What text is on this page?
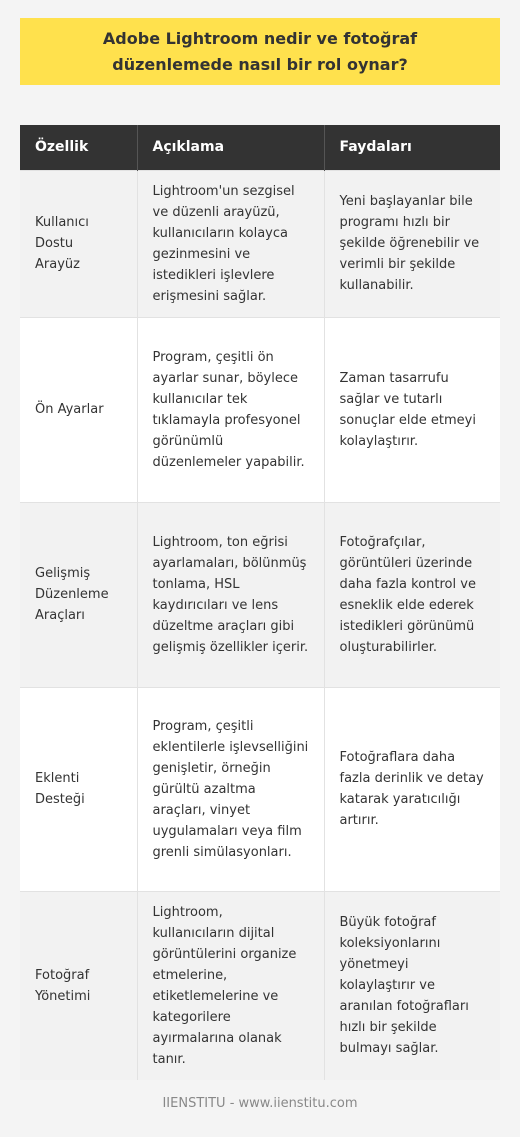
Adobe Lightroom nedir ve fotoğraf düzenlemede nasıl bir rol oynar?
Özellik	Açıklama	Faydaları
Kullanıcı Dostu Arayüz	Lightroom'un sezgisel ve düzenli arayüzü, kullanıcıların kolayca gezinmesini ve istedikleri işlevlere erişmesini sağlar.	Yeni başlayanlar bile programı hızlı bir şekilde öğrenebilir ve verimli bir şekilde kullanabilir.
Ön Ayarlar	Program, çeşitli ön ayarlar sunar, böylece kullanıcılar tek tıklamayla profesyonel görünümlü düzenlemeler yapabilir.	Zaman tasarrufu sağlar ve tutarlı sonuçlar elde etmeyi kolaylaştırır.
Gelişmiş Düzenleme Araçları	Lightroom, ton eğrisi ayarlamaları, bölünmüş tonlama, HSL kaydırıcıları ve lens düzeltme araçları gibi gelişmiş özellikler içerir.	Fotoğrafçılar, görüntüleri üzerinde daha fazla kontrol ve esneklik elde ederek istedikleri görünümü oluşturabilirler.
Eklenti Desteği	Program, çeşitli eklentilerle işlevselliğini genişletir, örneğin gürültü azaltma araçları, vinyet uygulamaları veya film grenli simülasyonları.	Fotoğraflara daha fazla derinlik ve detay katarak yaratıcılığı artırır.
Fotoğraf Yönetimi	Lightroom, kullanıcıların dijital görüntülerini organize etmelerine, etiketlemelerine ve kategorilere ayırmalarına olanak tanır.	Büyük fotoğraf koleksiyonlarını yönetmeyi kolaylaştırır ve aranılan fotoğrafları hızlı bir şekilde bulmayı sağlar.
IIENSTITU - www.iienstitu.com
